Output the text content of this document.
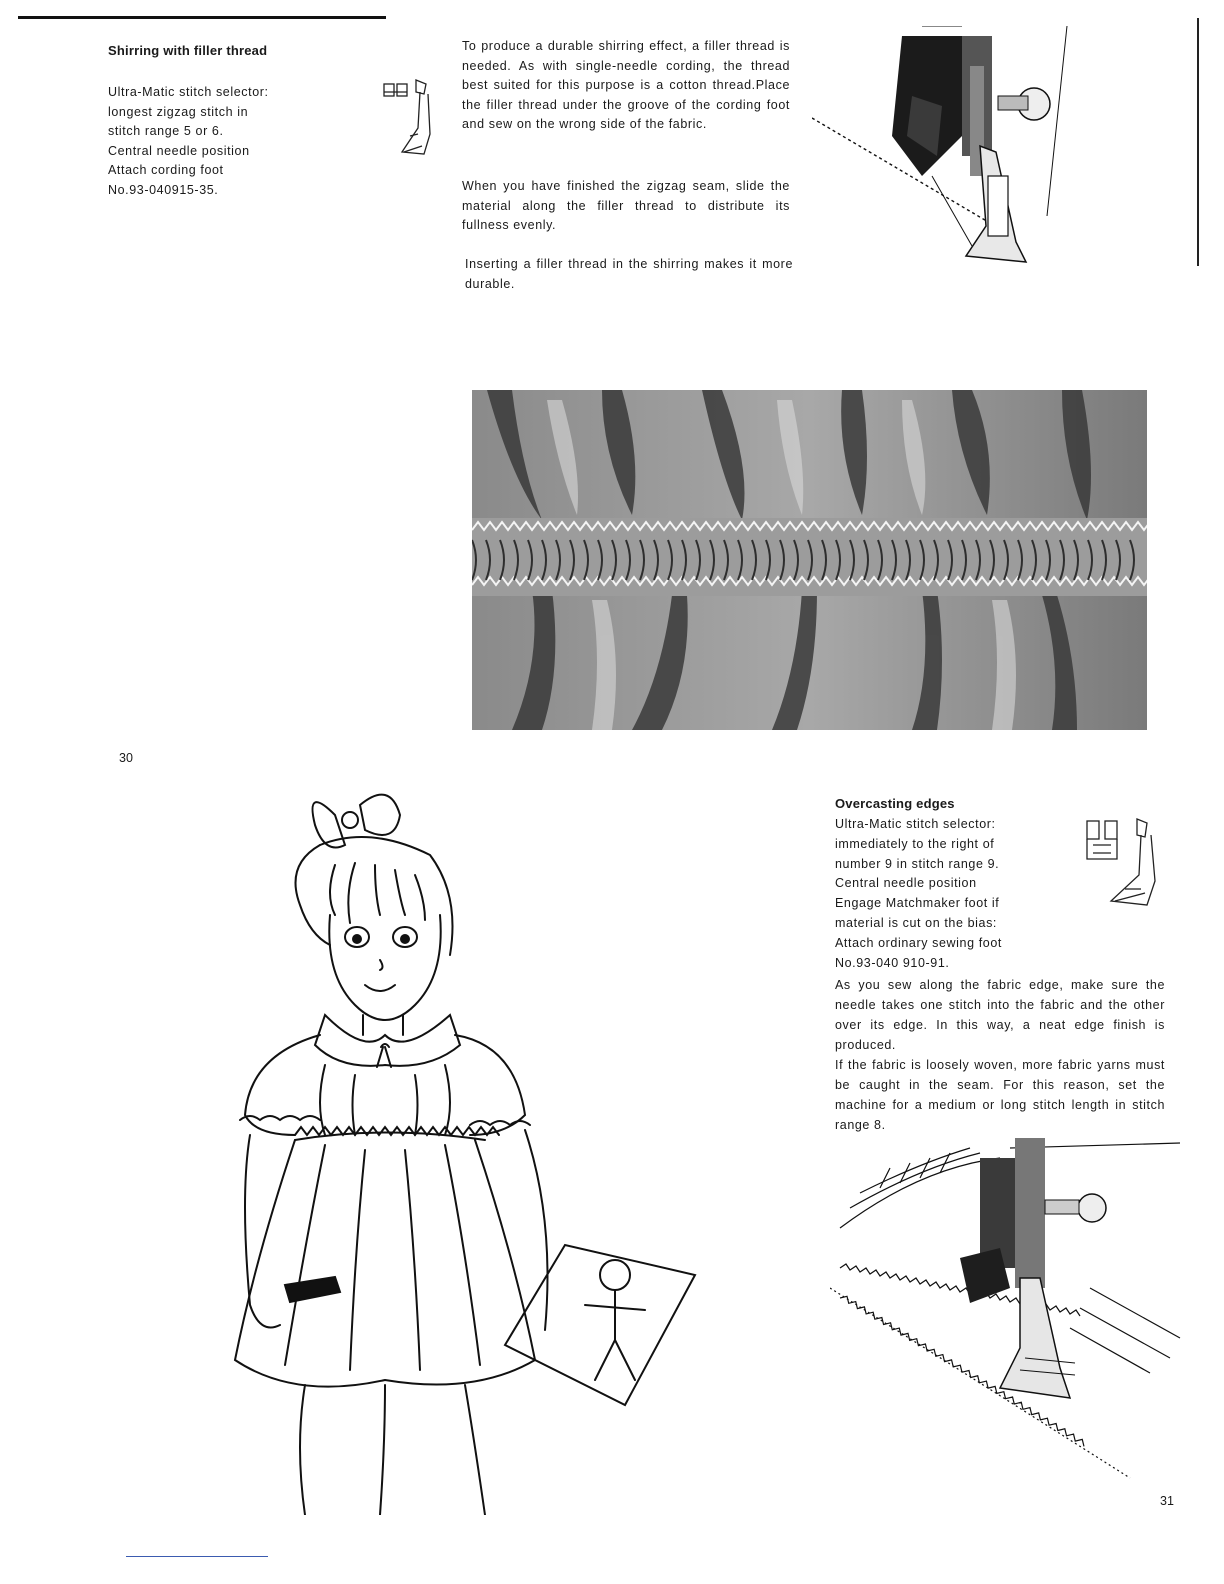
Shirring with filler thread

Ultra-Matic stitch selector:

longest zigzag stitch in

stitch range 5 or 6.

Central needle position

Attach cording foot

No.93-040915-35.

To produce a durable shirring effect, a filler thread is needed. As with single-needle cording, the thread best suited for this purpose is a cotton thread.Place the filler thread under the groove of the cording foot and sew on the wrong side of the fabric.
When you have finished the zigzag seam, slide the material along the filler thread to distribute its fullness evenly.
Inserting a filler thread in the shirring makes it more durable.
30
Overcasting edges

Ultra-Matic stitch selector:

immediately to the right of

number 9 in stitch range 9.

Central needle position

Engage Matchmaker foot if

material is cut on the bias:

Attach ordinary sewing foot

No.93-040 910-91.

As you sew along the fabric edge, make sure the needle takes one stitch into the fabric and the other over its edge. In this way, a neat edge finish is produced.

If the fabric is loosely woven, more fabric yarns must be caught in the seam. For this reason, set the machine for a medium or long stitch length in stitch range 8.

31
